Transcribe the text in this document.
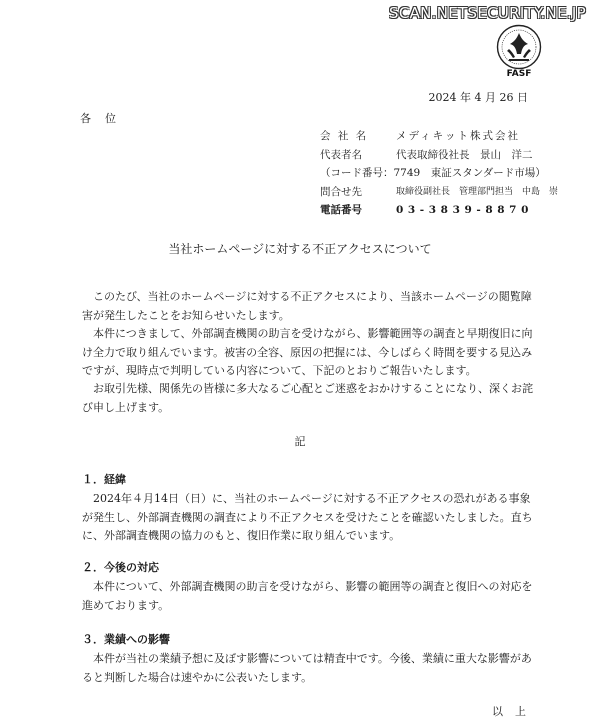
SCAN.NETSECURITY.NE.JP
FASF
2024 年 4 月 26 日
各位
会 社 名	メディキット株式会社
代表者名	代表取締役社長　景山　洋二
（コード番号：7749　東証スタンダード市場）
問合せ先	取締役副社長　管理部門担当　中島　崇
電話番号	03-3839-8870
当社ホームページに対する不正アクセスについて

このたび、当社のホームページに対する不正アクセスにより、当該ホームページの閲覧障害が発生したことをお知らせいたします。

本件につきまして、外部調査機関の助言を受けながら、影響範囲等の調査と早期復旧に向け全力で取り組んでいます。被害の全容、原因の把握には、今しばらく時間を要する見込みですが、現時点で判明している内容について、下記のとおりご報告いたします。

お取引先様、関係先の皆様に多大なるご心配とご迷惑をおかけすることになり、深くお詫び申し上げます。

記
１．経緯

2024年４月14日（日）に、当社のホームページに対する不正アクセスの恐れがある事象が発生し、外部調査機関の調査により不正アクセスを受けたことを確認いたしました。直ちに、外部調査機関の協力のもと、復旧作業に取り組んでいます。

２．今後の対応

本件について、外部調査機関の助言を受けながら、影響の範囲等の調査と復旧への対応を進めております。

３．業績への影響

本件が当社の業績予想に及ぼす影響については精査中です。今後、業績に重大な影響があると判断した場合は速やかに公表いたします。

以上
